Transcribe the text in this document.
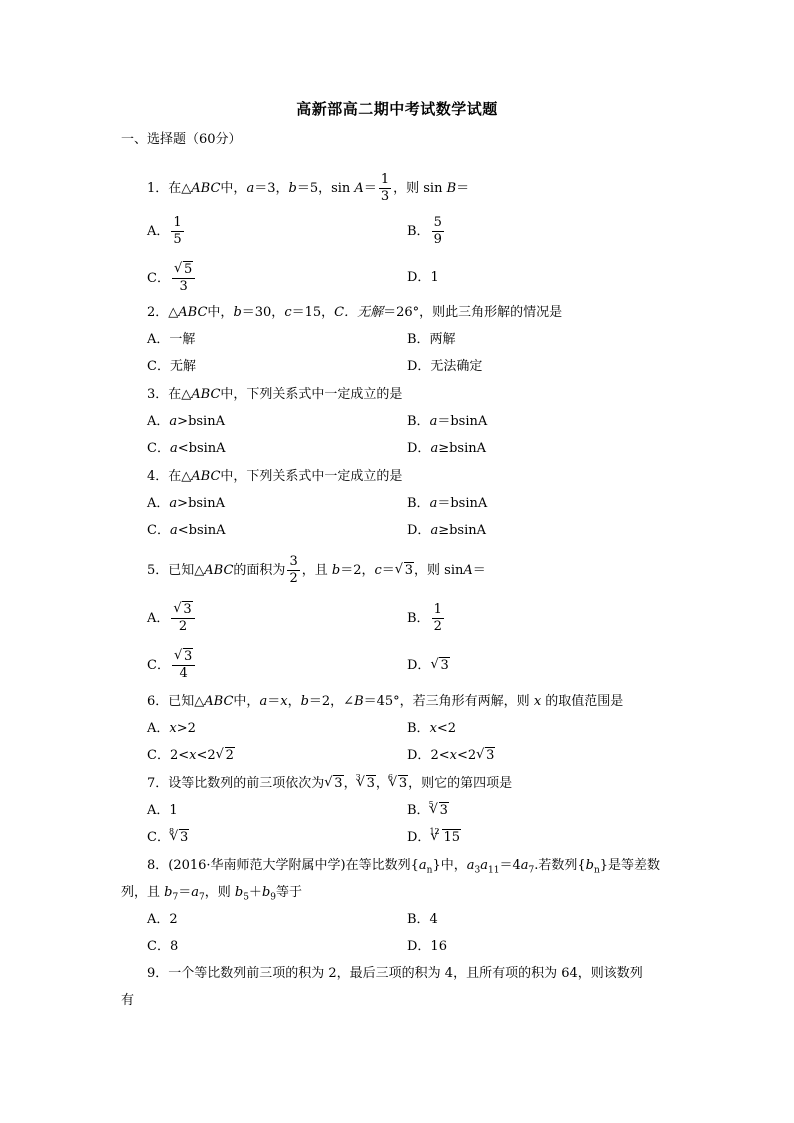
高新部高二期中考试数学试题
一、选择题（60分）
1．在△ABC中，a＝3，b＝5，$\sin A= \frac{1}{3}$ ，则 sin B＝
A． $\frac{1}{5}$	B． $\frac{5}{9}$
C． √ $\frac{5}{3}$	D．1
2．△ABC中，b＝30，c＝15，C．无解＝26°，则此三角形解的情况是
A．一解	B．两解
C．无解	D．无法确定
3．在△ABC中，下列关系式中一定成立的是
A．a>bsinA	B．a＝bsinA
C．a<bsinA	D．a≥bsinA
4．在△ABC中，下列关系式中一定成立的是
A．a>bsinA	B．a＝bsinA
C．a<bsinA	D．a≥bsinA
5．已知△ABC的面积为 $\frac{3}{2}$ ，且 b＝2，c＝ √ 3，则 sinA＝
A． √ $\frac{3}{2}$	B． $\frac{1}{2}$
C． √ $\frac{3}{4}$	D． √ 3
6．已知△ABC中，a＝x，b＝2，∠B＝45°，若三角形有两解，则 x 的取值范围是
A．x>2	B．x<2
C．2<x<2 √ 2	D．2<x<2 √ 3
7．设等比数列的前三项依次为 √ 3， √ 3 3， √ 6 3，则它的第四项是
A．1	B． √ 5 3
C． √ 8 3	D． √ 12 15
8．(2016·华南师范大学附属中学)在等比数列$\{a_n\}$中，$a_3a_{11}=4a_7$.若数列$\{b_n\}$是等差数
列，且 $b_7=a_7$，则 $b_5+b_9$等于
A．2	B．4
C．8	D．16
9．一个等比数列前三项的积为 2，最后三项的积为 4，且所有项的积为 64，则该数列
有
